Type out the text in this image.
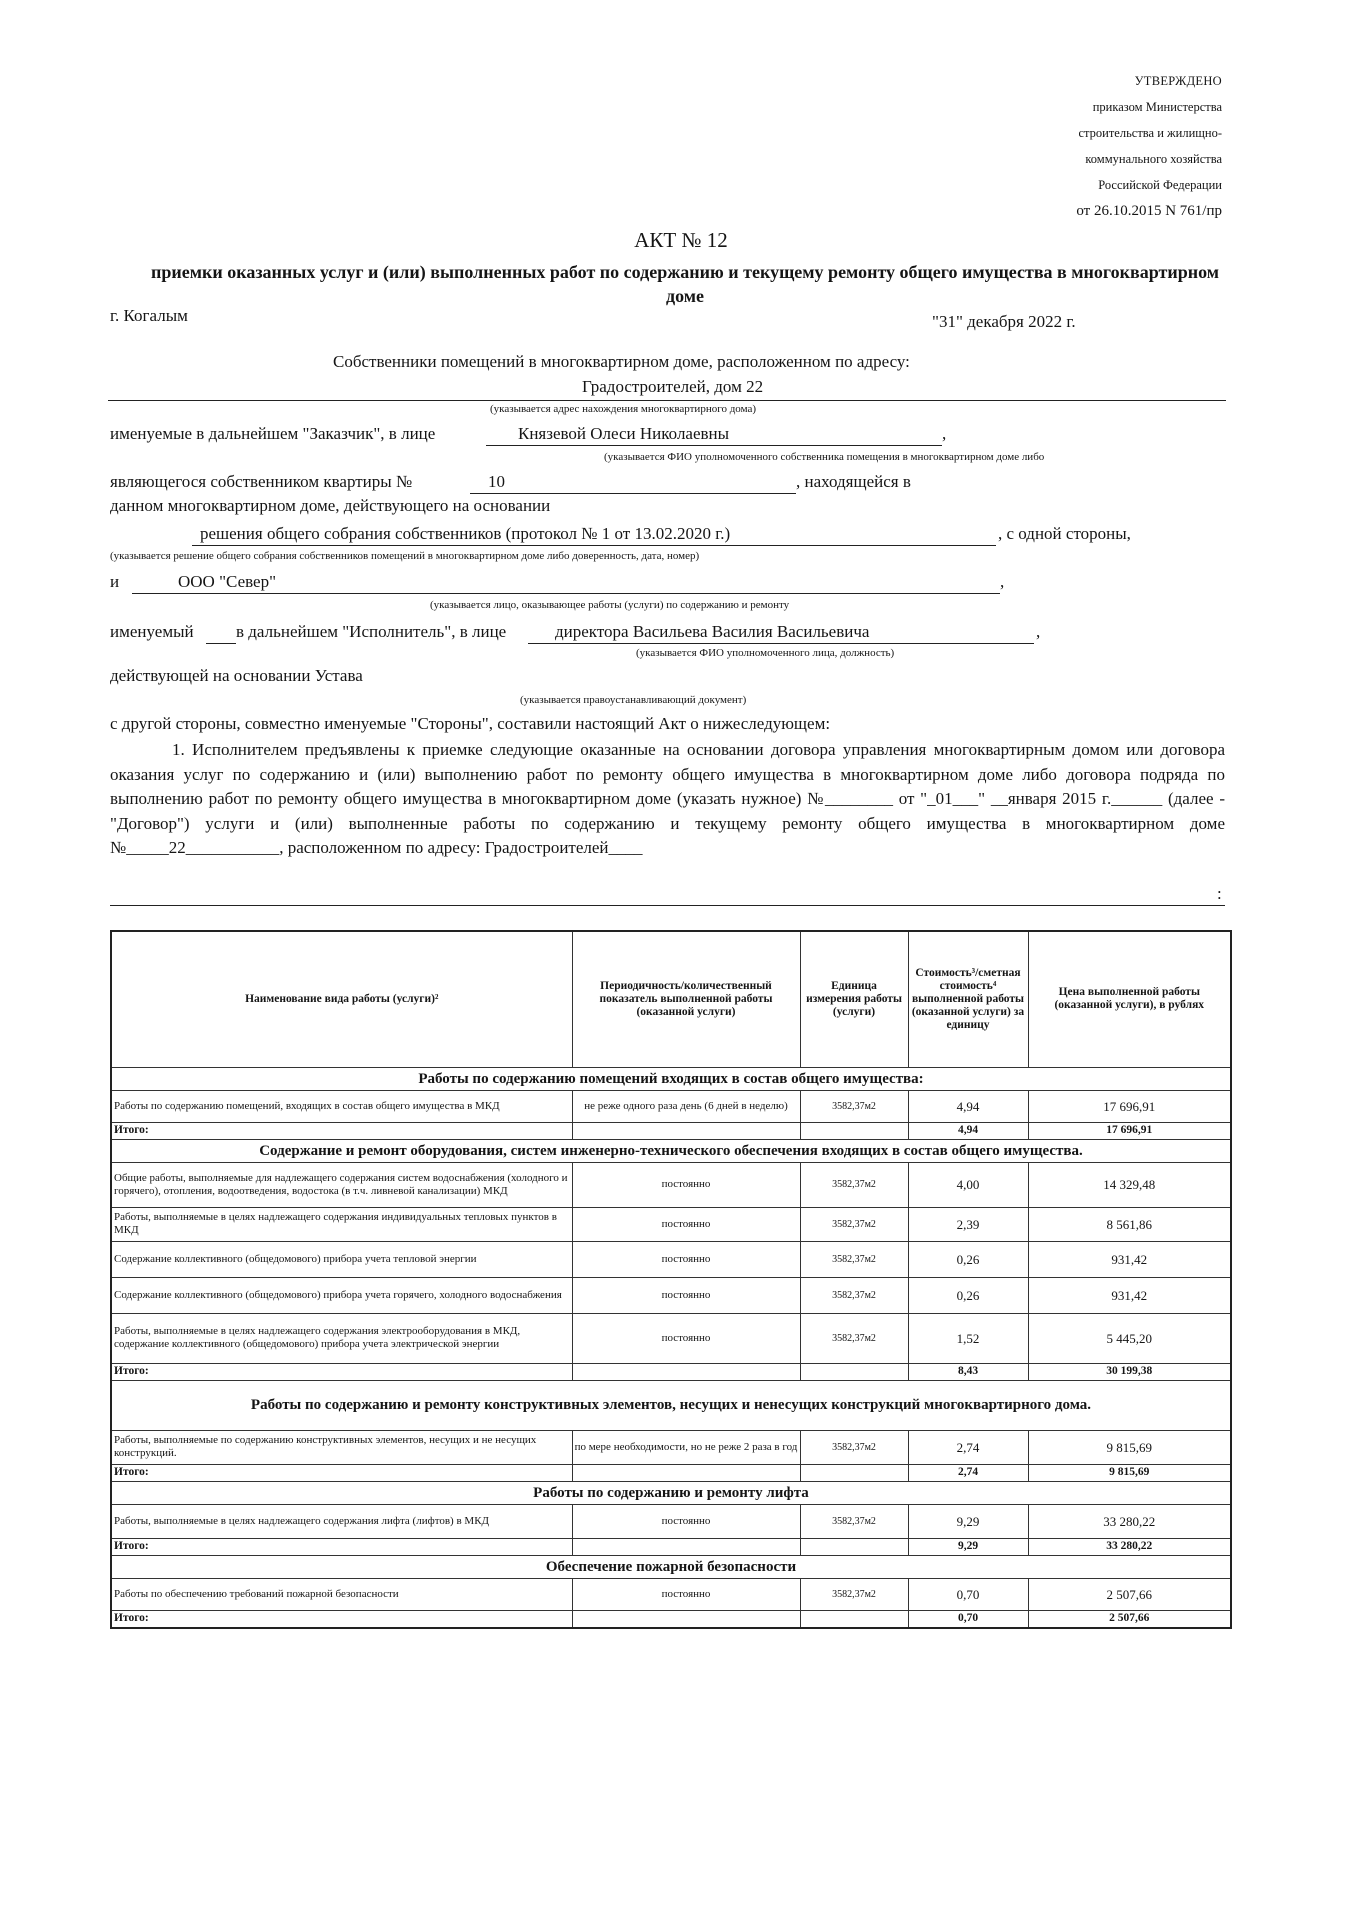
УТВЕРЖДЕНО
приказом Министерства
строительства и жилищно-
коммунального хозяйства
Российской Федерации
от 26.10.2015 N 761/пр
АКТ № 12
приемки оказанных услуг и (или) выполненных работ по содержанию и текущему ремонту общего имущества в многоквартирном доме
г. Когалым	"31" декабря 2022 г.
Собственники помещений в многоквартирном доме, расположенном по адресу:
Градостроителей, дом 22
(указывается адрес нахождения многоквартирного дома)
именуемые в дальнейшем "Заказчик", в лице	Князевой Олеси Николаевны	,
(указывается ФИО уполномоченного собственника помещения в многоквартирном доме либо
являющегося собственником квартиры №	10	, находящейся в
данном многоквартирном доме, действующего на основании
решения общего собрания собственников (протокол № 1 от 13.02.2020 г.)	, с одной стороны,
(указывается решение общего собрания собственников помещений в многоквартирном доме либо доверенность, дата, номер)
и	ООО "Север"	,
(указывается лицо, оказывающее работы (услуги) по содержанию и ремонту
именуемый в дальнейшем "Исполнитель", в лице	директора Васильева Василия Васильевича	,
(указывается ФИО уполномоченного лица, должность)
действующей на основании Устава
(указывается правоустанавливающий документ)
с другой стороны, совместно именуемые "Стороны", составили настоящий Акт о нижеследующем:
1. Исполнителем предъявлены к приемке следующие оказанные на основании договора управления многоквартирным домом или договора оказания услуг по содержанию и (или) выполнению работ по ремонту общего имущества в многоквартирном доме либо договора подряда по выполнению работ по ремонту общего имущества в многоквартирном доме (указать нужное) №________ от "_01___" __января 2015 г.______ (далее - "Договор") услуги и (или) выполненные работы по содержанию и текущему ремонту общего имущества в многоквартирном доме №_____22___________, расположенном по адресу: Градостроителей____
:
Наименование вида работы (услуги)²	Периодичность/количественный показатель выполненной работы (оказанной услуги)	Единица измерения работы (услуги)	Стоимость³/сметная стоимость⁴ выполненной работы (оказанной услуги) за единицу	Цена выполненной работы (оказанной услуги), в рублях
Работы по содержанию помещений входящих в состав общего имущества:				
Работы по содержанию помещений, входящих в состав общего имущества в МКД	не реже одного раза день (6 дней в неделю)	3582,37м2	4,94	17 696,91
Итого:			4,94	17 696,91
Содержание и ремонт оборудования, систем инженерно-технического обеспечения входящих в состав общего имущества.				
Общие работы, выполняемые для надлежащего содержания систем водоснабжения (холодного и горячего), отопления, водоотведения, водостока (в т.ч. ливневой канализации) МКД	постоянно	3582,37м2	4,00	14 329,48
Работы, выполняемые в целях надлежащего содержания индивидуальных тепловых пунктов в МКД	постоянно	3582,37м2	2,39	8 561,86
Содержание коллективного (общедомового) прибора учета тепловой энергии	постоянно	3582,37м2	0,26	931,42
Содержание коллективного (общедомового) прибора учета горячего, холодного водоснабжения	постоянно	3582,37м2	0,26	931,42
Работы, выполняемые в целях надлежащего содержания электрооборудования в МКД, содержание коллективного (общедомового) прибора учета электрической энергии	постоянно	3582,37м2	1,52	5 445,20
Итого:			8,43	30 199,38
Работы по содержанию и ремонту конструктивных элементов, несущих и ненесущих конструкций многоквартирного дома.				
Работы, выполняемые по содержанию конструктивных элементов, несущих и не несущих конструкций.	по мере необходимости, но не реже 2 раза в год	3582,37м2	2,74	9 815,69
Итого:			2,74	9 815,69
Работы по содержанию и ремонту лифта				
Работы, выполняемые в целях надлежащего содержания лифта (лифтов) в МКД	постоянно	3582,37м2	9,29	33 280,22
Итого:			9,29	33 280,22
Обеспечение пожарной безопасности				
Работы по обеспечению требований пожарной безопасности	постоянно	3582,37м2	0,70	2 507,66
Итого:			0,70	2 507,66
